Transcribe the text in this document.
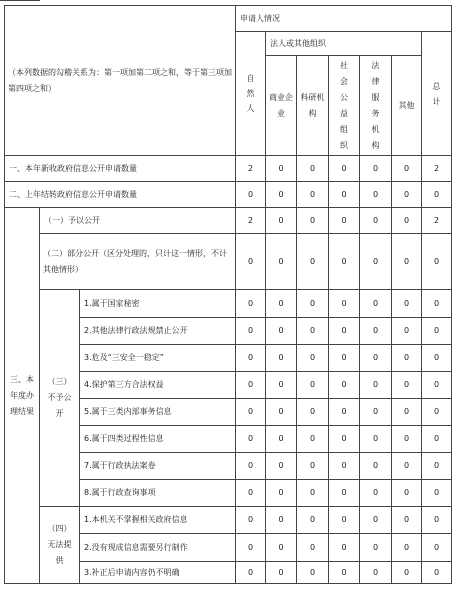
（本列数据的勾稽关系为：第一项加第二项之和，等于第三项加第四项之和）			申请人情况						
			自然人	法人或其他组织					总计
				商业企业	科研机构	社会公益组织	法律服务机构	其他	
一、本年新收政府信息公开申请数量			2	0	0	0	0	0	2
二、上年结转政府信息公开申请数量			0	0	0	0	0	0	0
三、本年度办理结果	（一）予以公开		2	0	0	0	0	0	2
	（二）部分公开（区分处理的，只计这一情形，不计其他情形）		0	0	0	0	0	0	0
	（三）不予公开	1.属于国家秘密	0	0	0	0	0	0	0
		2.其他法律行政法规禁止公开	0	0	0	0	0	0	0
		3.危及“三安全一稳定”	0	0	0	0	0	0	0
		4.保护第三方合法权益	0	0	0	0	0	0	0
		5.属于三类内部事务信息	0	0	0	0	0	0	0
		6.属于四类过程性信息	0	0	0	0	0	0	0
		7.属于行政执法案卷	0	0	0	0	0	0	0
		8.属于行政查询事项	0	0	0	0	0	0	0
	（四）无法提供	1.本机关不掌握相关政府信息	0	0	0	0	0	0	0
		2.没有现成信息需要另行制作	0	0	0	0	0	0	0
		3.补正后申请内容仍不明确	0	0	0	0	0	0	0
